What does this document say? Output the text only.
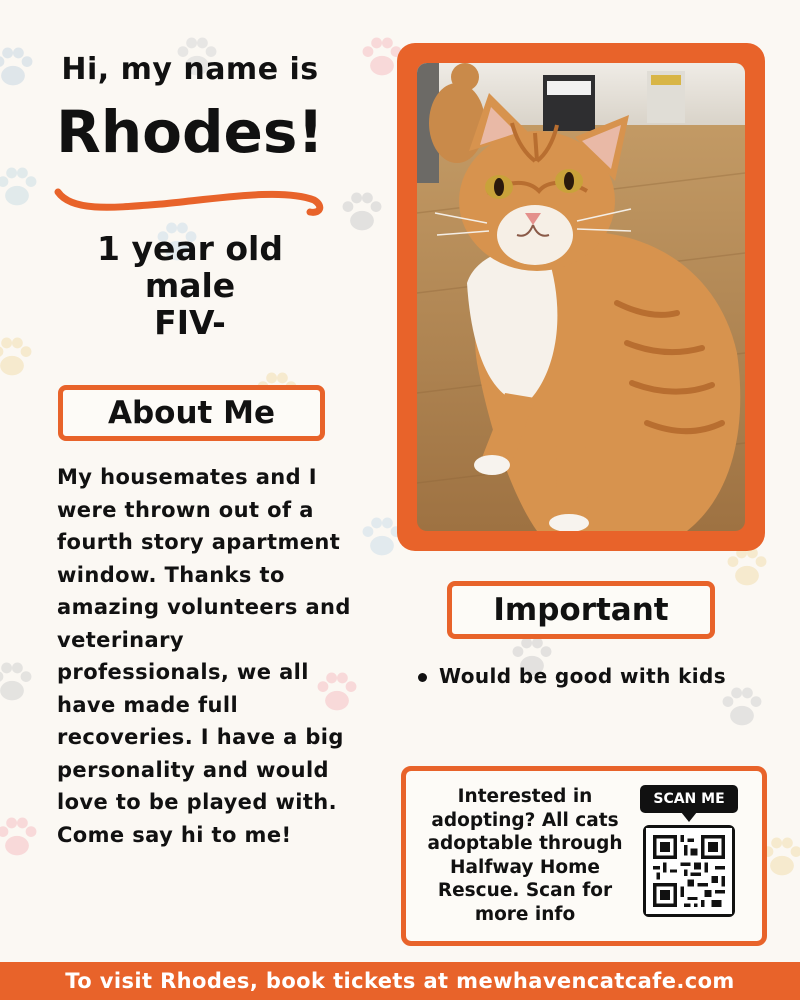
Hi, my name is
Rhodes!
1 year old
male
FIV-
About Me
My housemates and I were thrown out of a fourth story apartment window. Thanks to amazing volunteers and veterinary professionals, we all have made full recoveries. I have a big personality and would love to be played with. Come say hi to me!
Important
Would be good with kids
Interested in adopting? All cats adoptable through Halfway Home Rescue. Scan for more info
SCAN ME
To visit Rhodes, book tickets at mewhavencatcafe.com
